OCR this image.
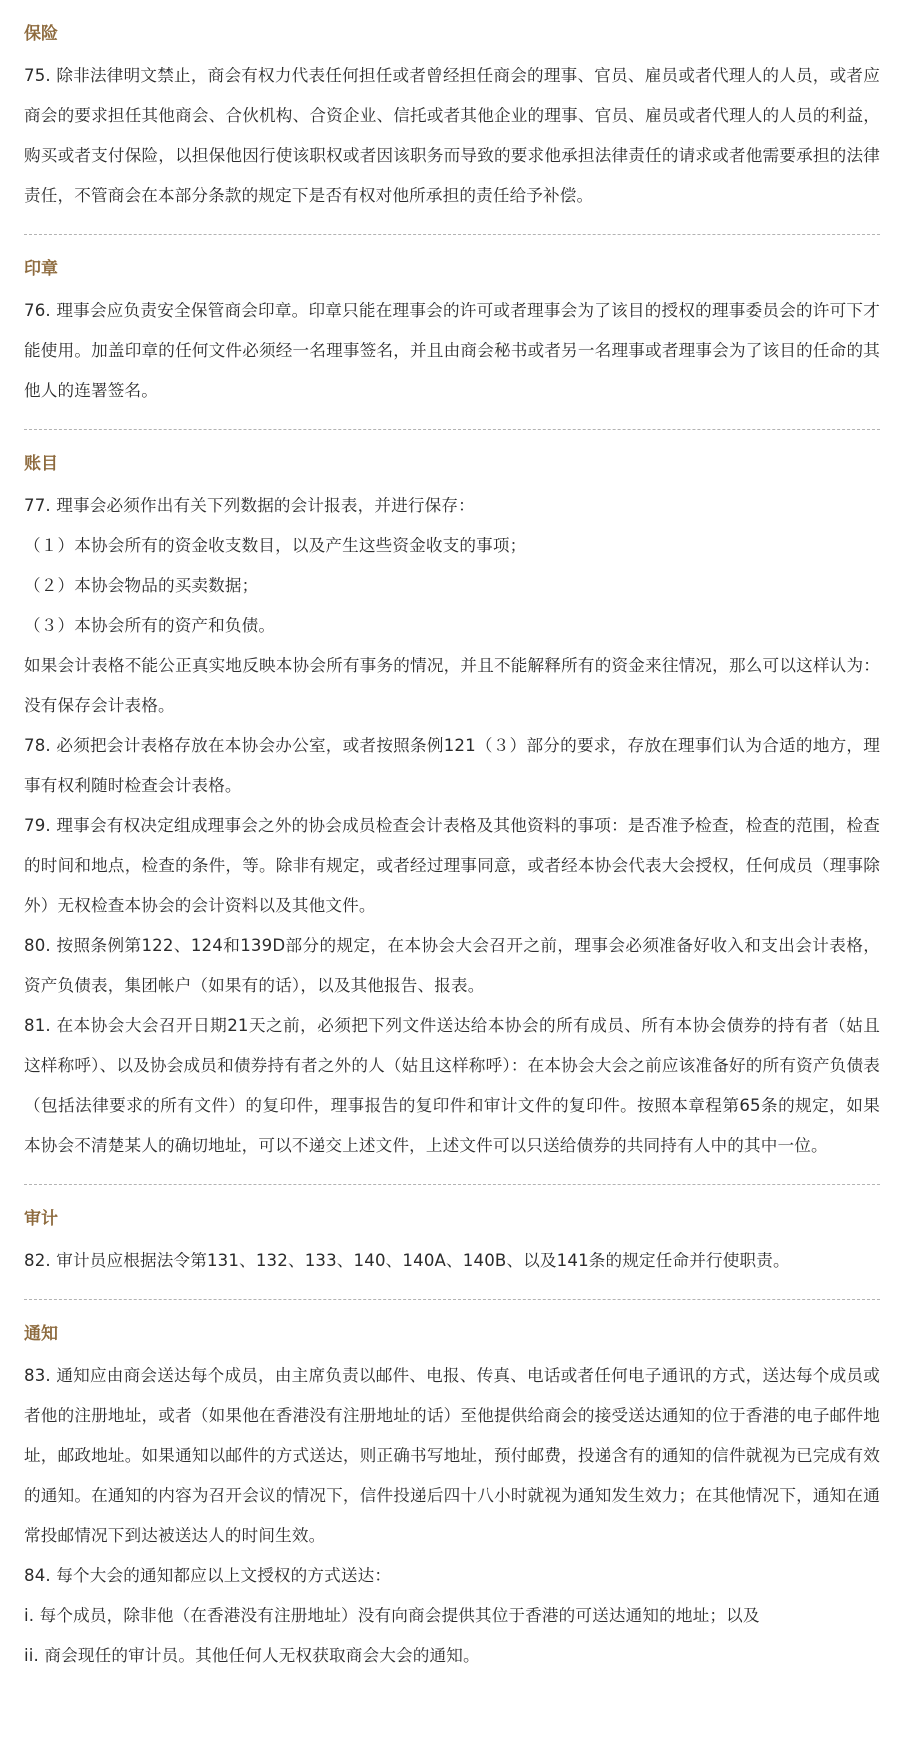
保险

75. 除非法律明文禁止，商会有权力代表任何担任或者曾经担任商会的理事、官员、雇员或者代理人的人员，或者应商会的要求担任其他商会、合伙机构、合资企业、信托或者其他企业的理事、官员、雇员或者代理人的人员的利益，购买或者支付保险，以担保他因行使该职权或者因该职务而导致的要求他承担法律责任的请求或者他需要承担的法律责任，不管商会在本部分条款的规定下是否有权对他所承担的责任给予补偿。

印章

76. 理事会应负责安全保管商会印章。印章只能在理事会的许可或者理事会为了该目的授权的理事委员会的许可下才能使用。加盖印章的任何文件必须经一名理事签名，并且由商会秘书或者另一名理事或者理事会为了该目的任命的其他人的连署签名。

账目

77. 理事会必须作出有关下列数据的会计报表，并进行保存：

（１）本协会所有的资金收支数目，以及产生这些资金收支的事项；

（２）本协会物品的买卖数据；

（３）本协会所有的资产和负债。

如果会计表格不能公正真实地反映本协会所有事务的情况，并且不能解释所有的资金来往情况，那么可以这样认为：没有保存会计表格。

78. 必须把会计表格存放在本协会办公室，或者按照条例121（３）部分的要求，存放在理事们认为合适的地方，理事有权利随时检查会计表格。

79. 理事会有权决定组成理事会之外的协会成员检查会计表格及其他资料的事项：是否准予检查，检查的范围，检查的时间和地点，检查的条件，等。除非有规定，或者经过理事同意，或者经本协会代表大会授权，任何成员（理事除外）无权检查本协会的会计资料以及其他文件。

80. 按照条例第122、124和139D部分的规定，在本协会大会召开之前，理事会必须准备好收入和支出会计表格，资产负债表，集团帐户（如果有的话），以及其他报告、报表。

81. 在本协会大会召开日期21天之前，必须把下列文件送达给本协会的所有成员、所有本协会债券的持有者（姑且这样称呼）、以及协会成员和债券持有者之外的人（姑且这样称呼）：在本协会大会之前应该准备好的所有资产负债表（包括法律要求的所有文件）的复印件，理事报告的复印件和审计文件的复印件。按照本章程第65条的规定，如果本协会不清楚某人的确切地址，可以不递交上述文件，上述文件可以只送给债券的共同持有人中的其中一位。

审计

82. 审计员应根据法令第131、132、133、140、140A、140B、以及141条的规定任命并行使职责。

通知

83. 通知应由商会送达每个成员，由主席负责以邮件、电报、传真、电话或者任何电子通讯的方式，送达每个成员或者他的注册地址，或者（如果他在香港没有注册地址的话）至他提供给商会的接受送达通知的位于香港的电子邮件地址，邮政地址。如果通知以邮件的方式送达，则正确书写地址，预付邮费，投递含有的通知的信件就视为已完成有效的通知。在通知的内容为召开会议的情况下，信件投递后四十八小时就视为通知发生效力；在其他情况下，通知在通常投邮情况下到达被送达人的时间生效。

84. 每个大会的通知都应以上文授权的方式送达：

i. 每个成员，除非他（在香港没有注册地址）没有向商会提供其位于香港的可送达通知的地址；以及

ii. 商会现任的审计员。其他任何人无权获取商会大会的通知。
